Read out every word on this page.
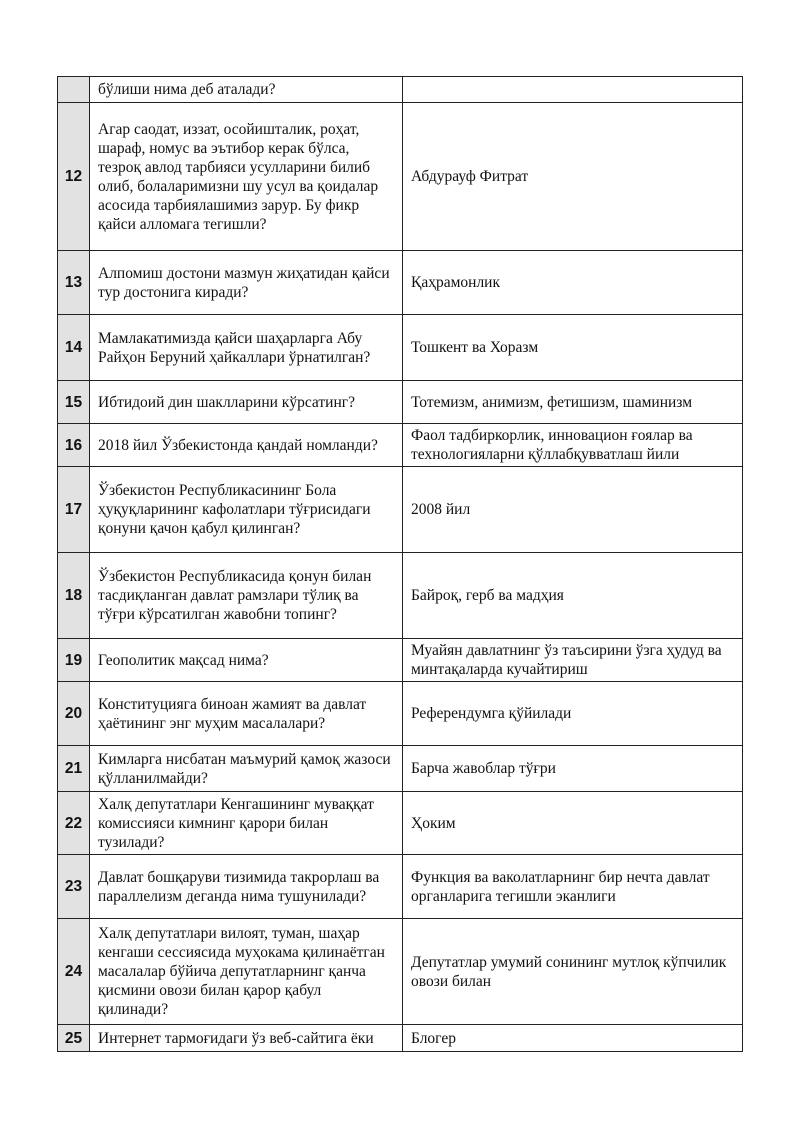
	бўлиши нима деб аталади?	
12	Агар саодат, иззат, осойишталик, роҳат, шараф, номус ва эътибор керак бўлса, тезроқ авлод тарбияси усулларини билиб олиб, болаларимизни шу усул ва қоидалар асосида тарбиялашимиз зарур. Бу фикр қайси алломага тегишли?	Абдурауф Фитрат
13	Алпомиш достони мазмун жиҳатидан қайси тур достонига киради?	Қаҳрамонлик
14	Мамлакатимизда қайси шаҳарларга Абу Райҳон Беруний ҳайкаллари ўрнатилган?	Тошкент ва Хоразм
15	Ибтидоий дин шаклларини кўрсатинг?	Тотемизм, анимизм, фетишизм, шаминизм
16	2018 йил Ўзбекистонда қандай номланди?	Фаол тадбиркорлик, инновацион ғоялар ва технологияларни қўллабқувватлаш йили
17	Ўзбекистон Республикасининг Бола ҳуқуқларининг кафолатлари тўғрисидаги қонуни қачон қабул қилинган?	2008 йил
18	Ўзбекистон Республикасида қонун билан тасдиқланган давлат рамзлари тўлиқ ва тўғри кўрсатилган жавобни топинг?	Байроқ, герб ва мадҳия
19	Геополитик мақсад нима?	Муайян давлатнинг ўз таъсирини ўзга ҳудуд ва минтақаларда кучайтириш
20	Конституцияга биноан жамият ва давлат ҳаётининг энг муҳим масалалари?	Референдумга қўйилади
21	Кимларга нисбатан маъмурий қамоқ жазоси қўлланилмайди?	Барча жавоблар тўғри
22	Халқ депутатлари Кенгашининг муваққат комиссияси кимнинг қарори билан тузилади?	Ҳоким
23	Давлат бошқаруви тизимида такрорлаш ва параллелизм деганда нима тушунилади?	Функция ва ваколатларнинг бир нечта давлат органларига тегишли эканлиги
24	Халқ депутатлари вилоят, туман, шаҳар кенгаши сессиясида муҳокама қилинаётган масалалар бўйича депутатларнинг қанча қисмини овози билан қарор қабул қилинади?	Депутатлар умумий сонининг мутлоқ кўпчилик овози билан
25	Интернет тармоғидаги ўз веб-сайтига ёки	Блогер
